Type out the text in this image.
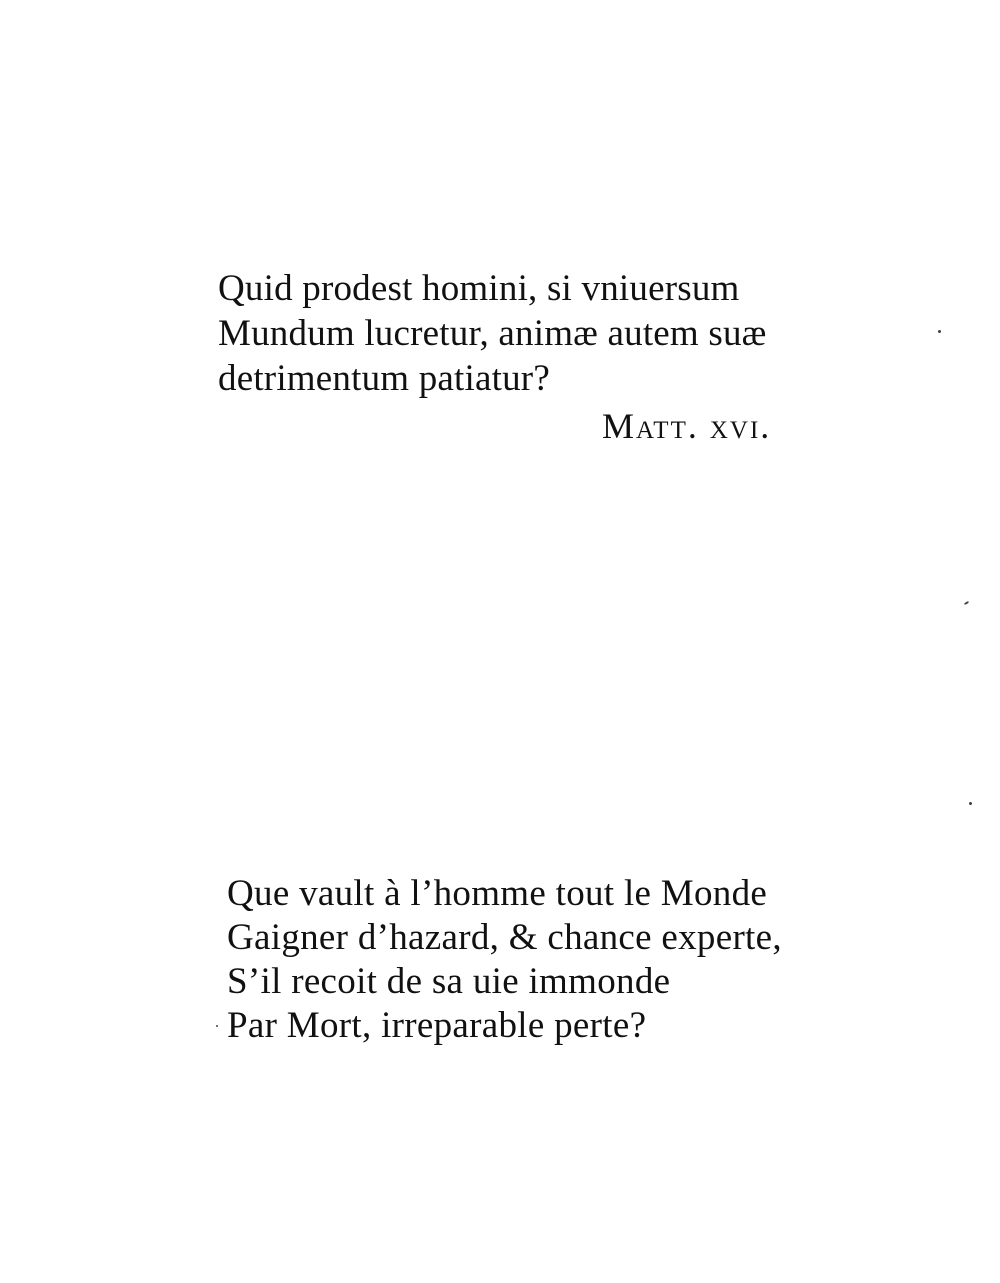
Quid prodest homini, si vniuersum
Mundum lucretur, animæ autem suæ
detrimentum patiatur?
Matt. xvi.
Que vault à l’homme tout le Monde
Gaigner d’hazard, & chance experte,
S’il recoit de sa uie immonde
Par Mort, irreparable perte?
